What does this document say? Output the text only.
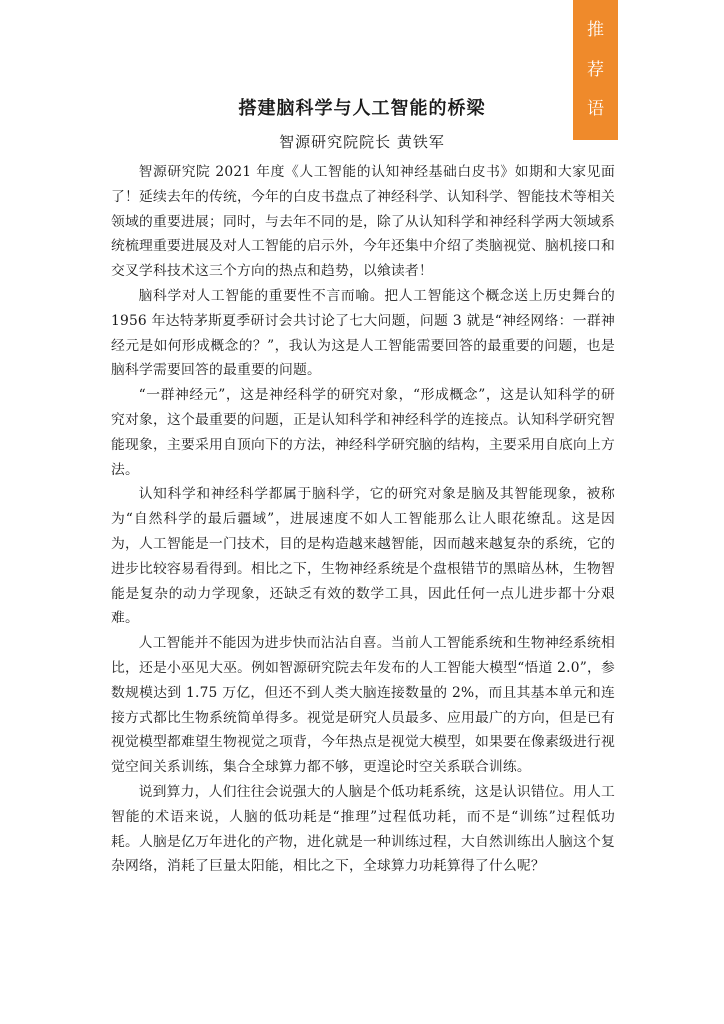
推
荐
语
搭建脑科学与人工智能的桥梁
智源研究院院长 黄铁军

智源研究院 2021 年度《人工智能的认知神经基础白皮书》如期和大家见面了！延续去年的传统，今年的白皮书盘点了神经科学、认知科学、智能技术等相关领域的重要进展；同时，与去年不同的是，除了从认知科学和神经科学两大领域系统梳理重要进展及对人工智能的启示外，今年还集中介绍了类脑视觉、脑机接口和交叉学科技术这三个方向的热点和趋势，以飨读者！

脑科学对人工智能的重要性不言而喻。把人工智能这个概念送上历史舞台的 1956 年达特茅斯夏季研讨会共讨论了七大问题，问题 3 就是“神经网络：一群神经元是如何形成概念的？”，我认为这是人工智能需要回答的最重要的问题，也是脑科学需要回答的最重要的问题。

“一群神经元”，这是神经科学的研究对象，“形成概念”，这是认知科学的研究对象，这个最重要的问题，正是认知科学和神经科学的连接点。认知科学研究智能现象，主要采用自顶向下的方法，神经科学研究脑的结构，主要采用自底向上方法。

认知科学和神经科学都属于脑科学，它的研究对象是脑及其智能现象，被称为“自然科学的最后疆域”，进展速度不如人工智能那么让人眼花缭乱。这是因为，人工智能是一门技术，目的是构造越来越智能，因而越来越复杂的系统，它的进步比较容易看得到。相比之下，生物神经系统是个盘根错节的黑暗丛林，生物智能是复杂的动力学现象，还缺乏有效的数学工具，因此任何一点儿进步都十分艰难。

人工智能并不能因为进步快而沾沾自喜。当前人工智能系统和生物神经系统相比，还是小巫见大巫。例如智源研究院去年发布的人工智能大模型“悟道 2.0”，参数规模达到 1.75 万亿，但还不到人类大脑连接数量的 2%，而且其基本单元和连接方式都比生物系统简单得多。视觉是研究人员最多、应用最广的方向，但是已有视觉模型都难望生物视觉之项背，今年热点是视觉大模型，如果要在像素级进行视觉空间关系训练，集合全球算力都不够，更遑论时空关系联合训练。

说到算力，人们往往会说强大的人脑是个低功耗系统，这是认识错位。用人工智能的术语来说，人脑的低功耗是“推理”过程低功耗，而不是“训练”过程低功耗。人脑是亿万年进化的产物，进化就是一种训练过程，大自然训练出人脑这个复杂网络，消耗了巨量太阳能，相比之下，全球算力功耗算得了什么呢？
